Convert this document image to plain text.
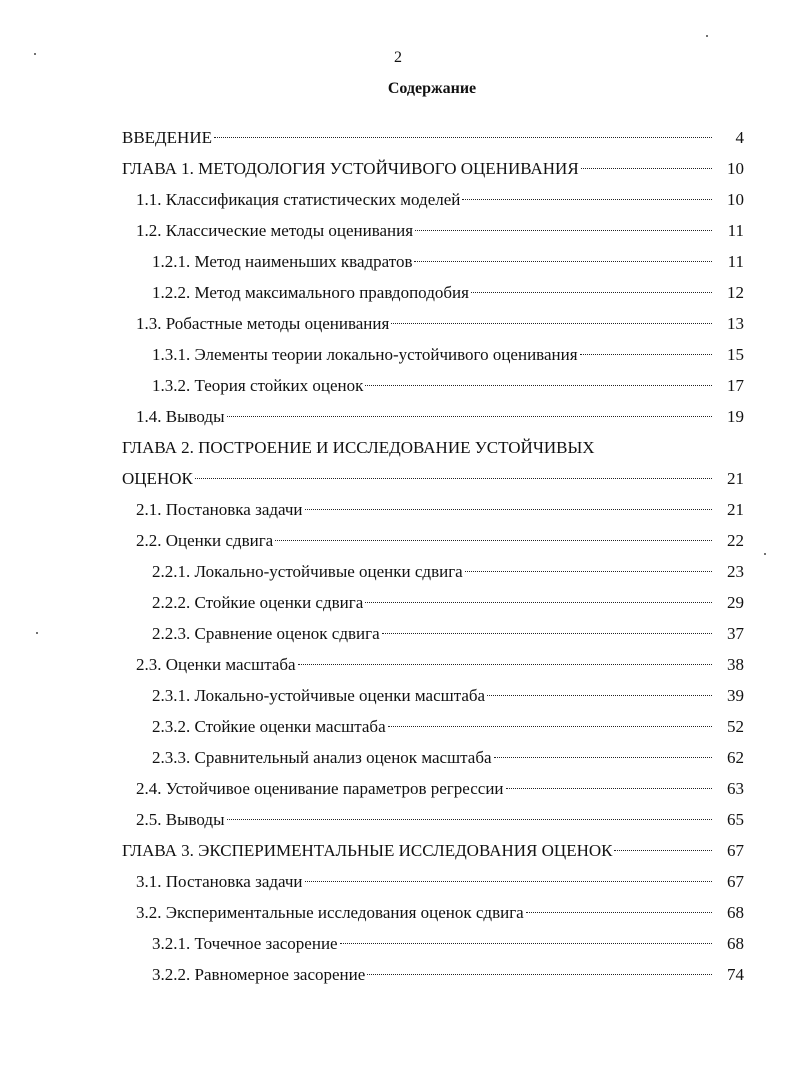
2
Содержание
ВВЕДЕНИЕ	4
ГЛАВА 1. МЕТОДОЛОГИЯ УСТОЙЧИВОГО ОЦЕНИВАНИЯ	10
1.1. Классификация статистических моделей	10
1.2. Классические методы оценивания	11
1.2.1. Метод наименьших квадратов	11
1.2.2. Метод максимального правдоподобия	12
1.3. Робастные методы оценивания	13
1.3.1. Элементы теории локально-устойчивого оценивания	15
1.3.2. Теория стойких оценок	17
1.4. Выводы	19
ГЛАВА 2. ПОСТРОЕНИЕ И ИССЛЕДОВАНИЕ УСТОЙЧИВЫХ
ОЦЕНОК	21
2.1. Постановка задачи	21
2.2. Оценки сдвига	22
2.2.1. Локально-устойчивые оценки сдвига	23
2.2.2. Стойкие оценки сдвига	29
2.2.3. Сравнение оценок сдвига	37
2.3. Оценки масштаба	38
2.3.1. Локально-устойчивые оценки масштаба	39
2.3.2. Стойкие оценки масштаба	52
2.3.3. Сравнительный анализ оценок масштаба	62
2.4. Устойчивое оценивание параметров регрессии	63
2.5. Выводы	65
ГЛАВА 3. ЭКСПЕРИМЕНТАЛЬНЫЕ ИССЛЕДОВАНИЯ ОЦЕНОК	67
3.1. Постановка задачи	67
3.2. Экспериментальные исследования оценок сдвига	68
3.2.1. Точечное засорение	68
3.2.2. Равномерное засорение	74
